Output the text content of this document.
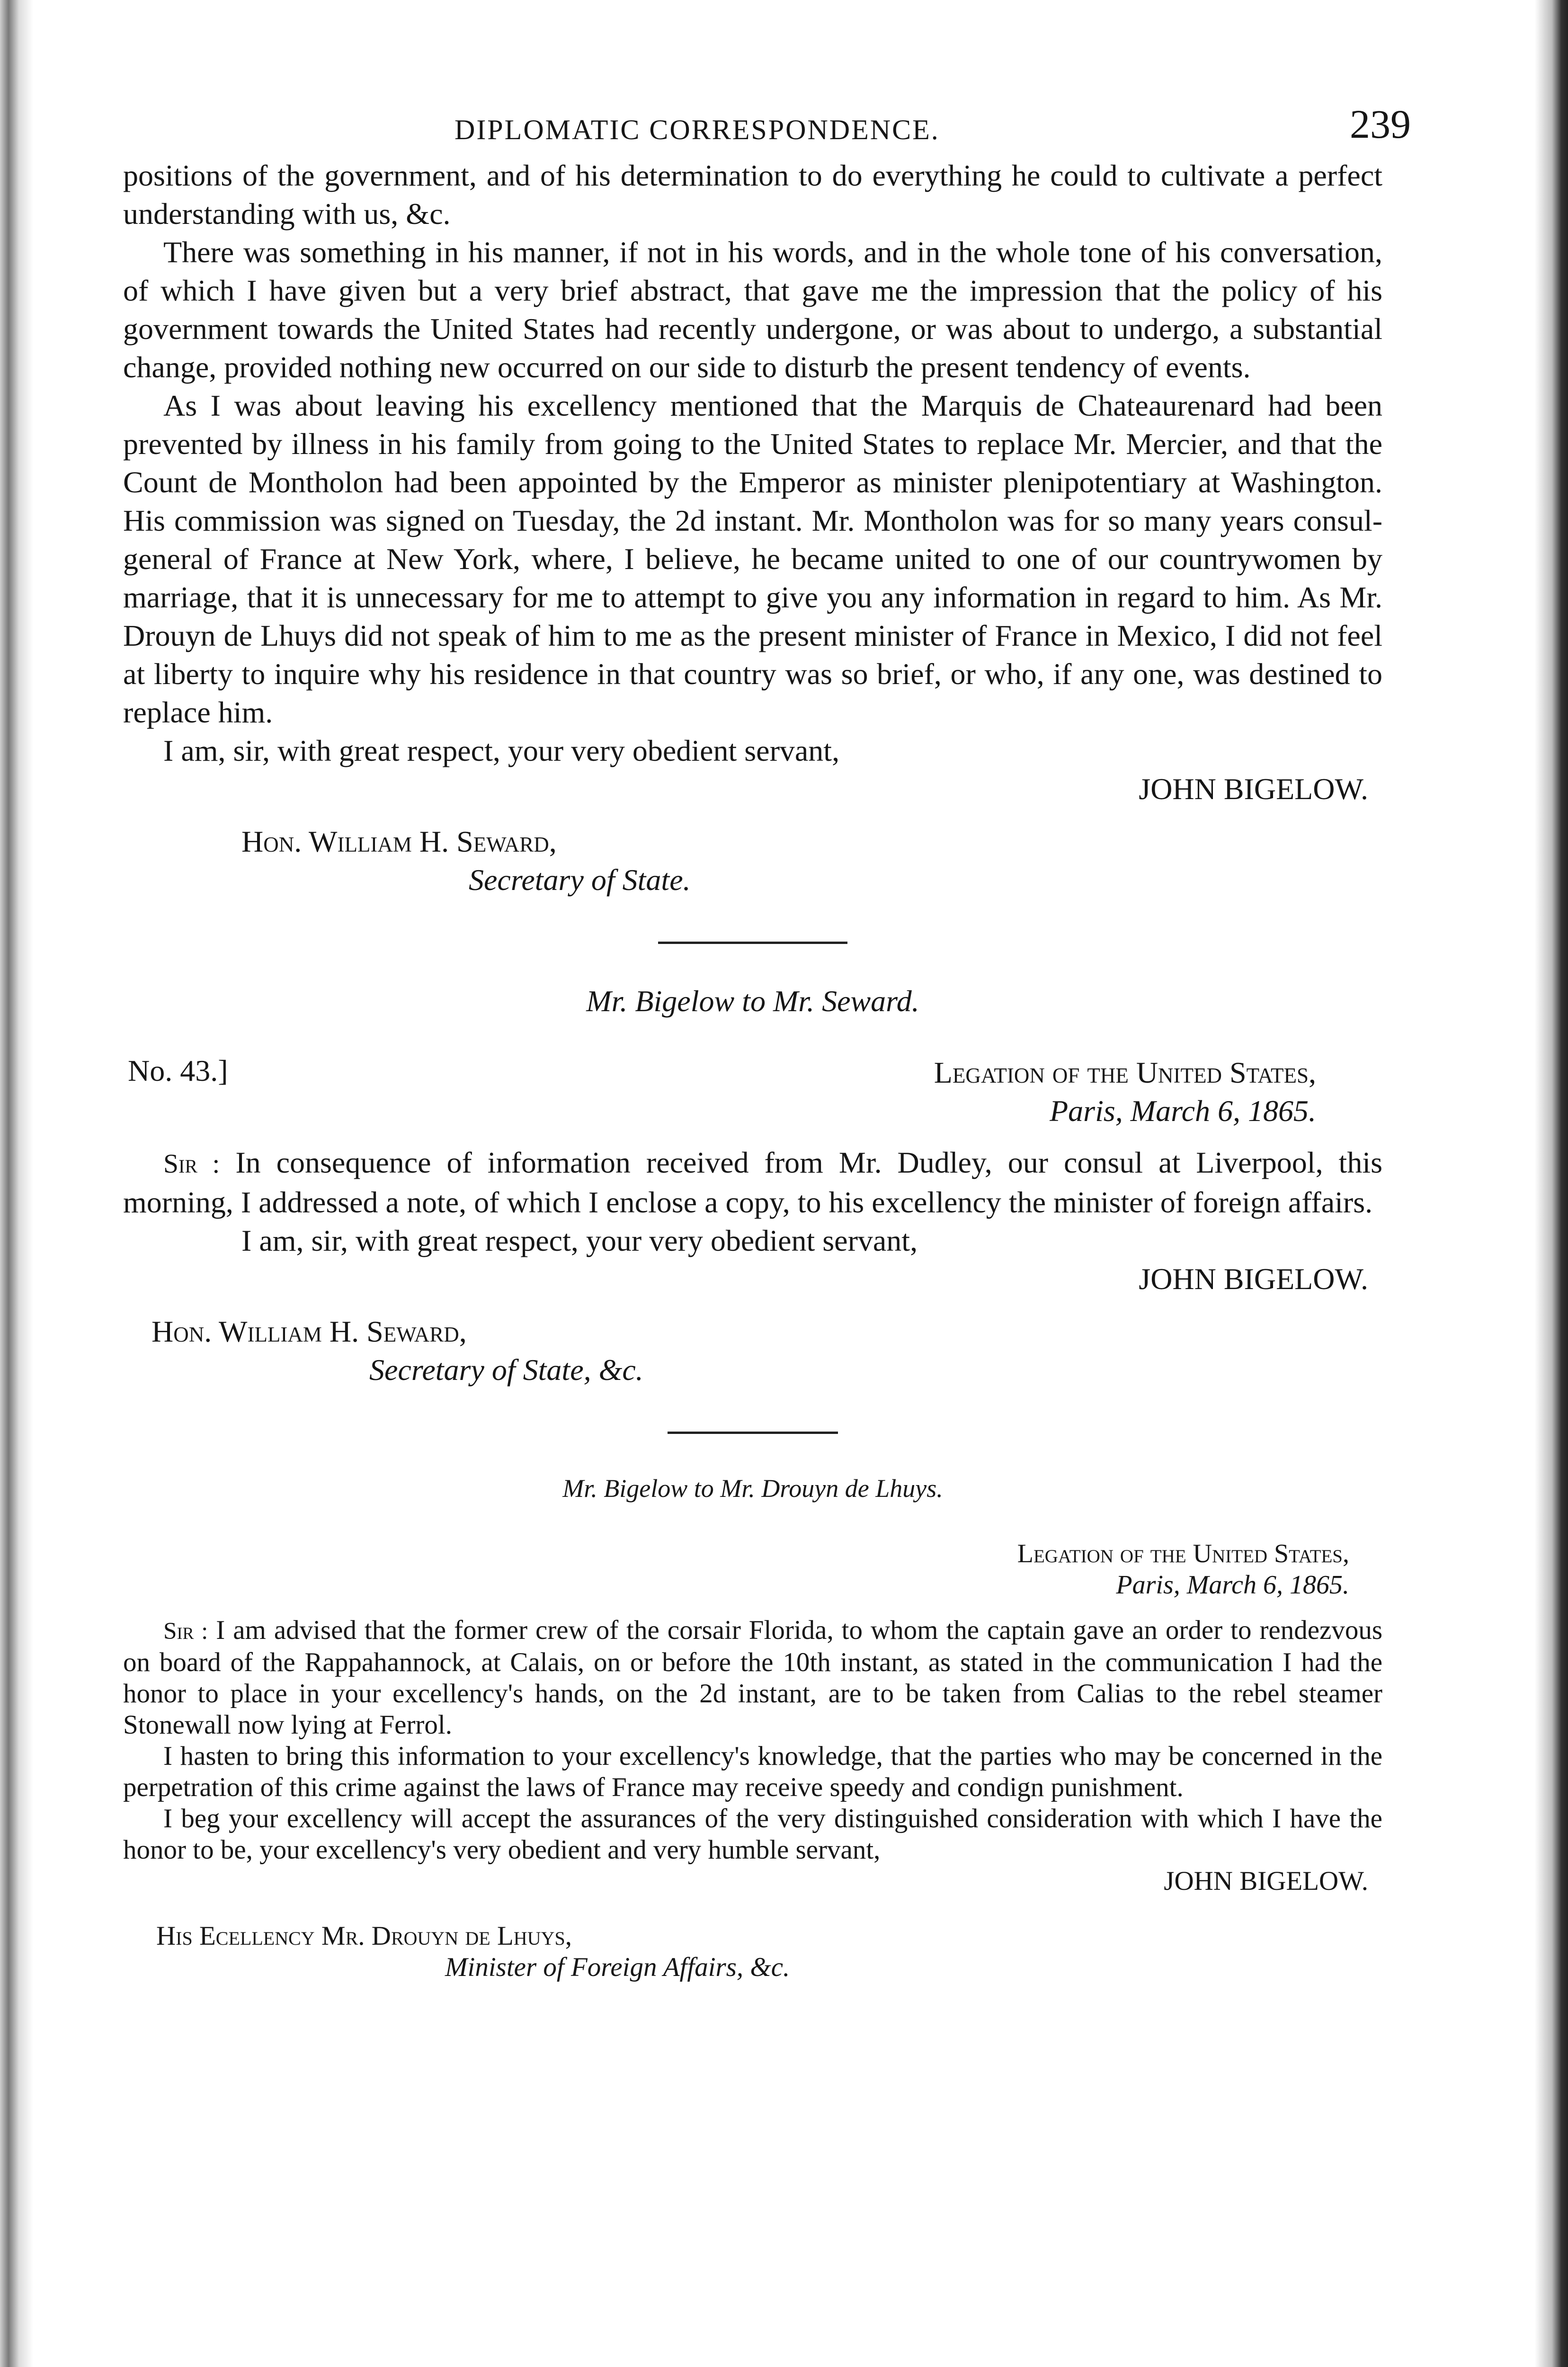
DIPLOMATIC CORRESPONDENCE.	239

positions of the government, and of his determination to do everything he could to cultivate a perfect understanding with us, &c.

There was something in his manner, if not in his words, and in the whole tone of his conversation, of which I have given but a very brief abstract, that gave me the impression that the policy of his government towards the United States had recently undergone, or was about to undergo, a substantial change, provided nothing new occurred on our side to disturb the present tendency of events.

As I was about leaving his excellency mentioned that the Marquis de Chateaurenard had been prevented by illness in his family from going to the United States to replace Mr. Mercier, and that the Count de Montholon had been appointed by the Emperor as minister plenipotentiary at Washington. His commission was signed on Tuesday, the 2d instant. Mr. Montholon was for so many years consul-general of France at New York, where, I believe, he became united to one of our countrywomen by marriage, that it is unnecessary for me to attempt to give you any information in regard to him. As Mr. Drouyn de Lhuys did not speak of him to me as the present minister of France in Mexico, I did not feel at liberty to inquire why his residence in that country was so brief, or who, if any one, was destined to replace him.

I am, sir, with great respect, your very obedient servant,

JOHN BIGELOW.

Hon. William H. Seward,

Secretary of State.

Mr. Bigelow to Mr. Seward.

No. 43.]	Legation of the United States,
Paris, March 6, 1865.

Sir : In consequence of information received from Mr. Dudley, our consul at Liverpool, this morning, I addressed a note, of which I enclose a copy, to his excellency the minister of foreign affairs.

I am, sir, with great respect, your very obedient servant,

JOHN BIGELOW.

Hon. William H. Seward,

Secretary of State, &c.

Mr. Bigelow to Mr. Drouyn de Lhuys.

Legation of the United States,
Paris, March 6, 1865.

Sir : I am advised that the former crew of the corsair Florida, to whom the captain gave an order to rendezvous on board of the Rappahannock, at Calais, on or before the 10th instant, as stated in the communication I had the honor to place in your excellency's hands, on the 2d instant, are to be taken from Calias to the rebel steamer Stonewall now lying at Ferrol.

I hasten to bring this information to your excellency's knowledge, that the parties who may be concerned in the perpetration of this crime against the laws of France may receive speedy and condign punishment.

I beg your excellency will accept the assurances of the very distinguished consideration with which I have the honor to be, your excellency's very obedient and very humble servant,

JOHN BIGELOW.

His Ecellency Mr. Drouyn de Lhuys,

Minister of Foreign Affairs, &c.
